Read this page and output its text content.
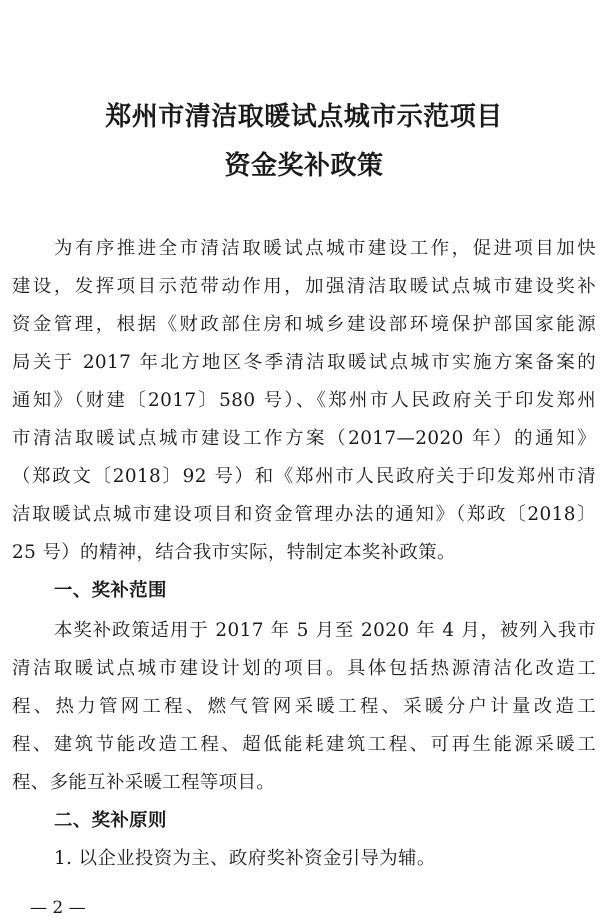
郑州市清洁取暖试点城市示范项目
资金奖补政策
为有序推进全市清洁取暖试点城市建设工作，促进项目加快
建设，发挥项目示范带动作用，加强清洁取暖试点城市建设奖补
资金管理，根据《财政部住房和城乡建设部环境保护部国家能源
局关于 2017 年北方地区冬季清洁取暖试点城市实施方案备案的
通知》（财建〔2017〕580 号）、《郑州市人民政府关于印发郑州
市清洁取暖试点城市建设工作方案（2017—2020 年）的通知》
（郑政文〔2018〕92 号）和《郑州市人民政府关于印发郑州市清
洁取暖试点城市建设项目和资金管理办法的通知》（郑政〔2018〕
25 号）的精神，结合我市实际，特制定本奖补政策。
一、奖补范围
本奖补政策适用于 2017 年 5 月至 2020 年 4 月，被列入我市
清洁取暖试点城市建设计划的项目。具体包括热源清洁化改造工
程、热力管网工程、燃气管网采暖工程、采暖分户计量改造工
程、建筑节能改造工程、超低能耗建筑工程、可再生能源采暖工
程、多能互补采暖工程等项目。
二、奖补原则
1. 以企业投资为主、政府奖补资金引导为辅。
— 2 —
